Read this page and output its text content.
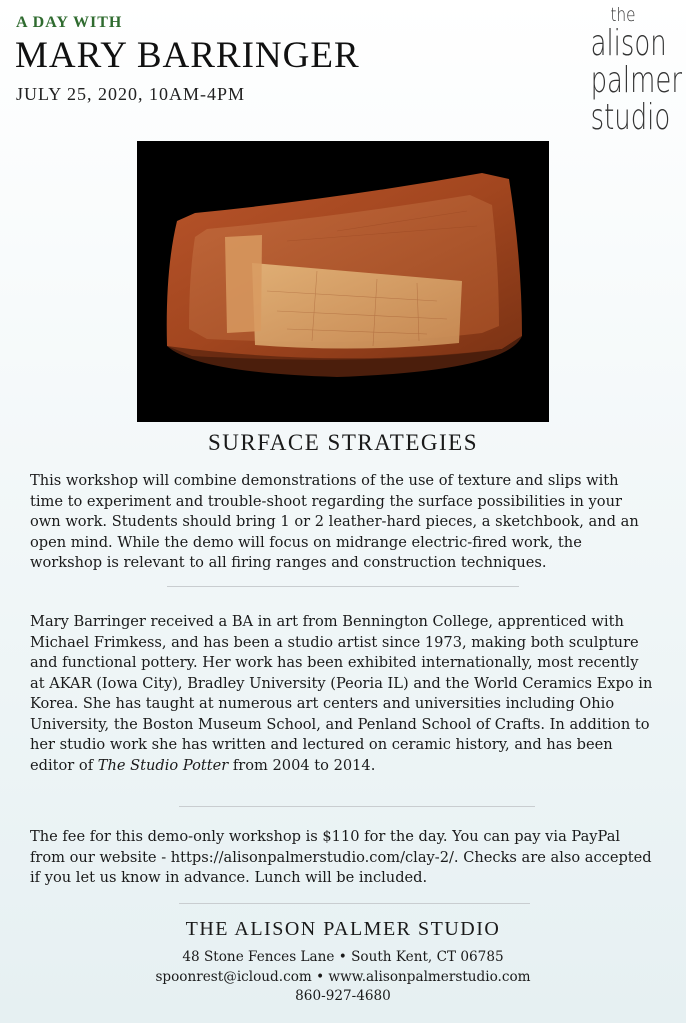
A DAY WITH
MARY BARRINGER
JULY 25, 2020, 10AM-4PM
the
alison
palmer
studio
SURFACE STRATEGIES

This workshop will combine demonstrations of the use of texture and slips with time to experiment and trouble-shoot regarding the surface possibilities in your own work. Students should bring 1 or 2 leather-hard pieces, a sketchbook, and an open mind. While the demo will focus on midrange electric-fired work, the workshop is relevant to all firing ranges and construction techniques.

Mary Barringer received a BA in art from Bennington College, apprenticed with Michael Frimkess, and has been a studio artist since 1973, making both sculpture and functional pottery. Her work has been exhibited internationally, most recently at AKAR (Iowa City), Bradley University (Peoria IL) and the World Ceramics Expo in Korea. She has taught at numerous art centers and universities including Ohio University, the Boston Museum School, and Penland School of Crafts. In addition to her studio work she has written and lectured on ceramic history, and has been editor of The Studio Potter from 2004 to 2014.

The fee for this demo-only workshop is $110 for the day. You can pay via PayPal from our website - https://alisonpalmerstudio.com/clay-2/. Checks are also accepted if you let us know in advance. Lunch will be included.

THE ALISON PALMER STUDIO
48 Stone Fences Lane • South Kent, CT 06785
spoonrest@icloud.com • www.alisonpalmerstudio.com
860-927-4680
